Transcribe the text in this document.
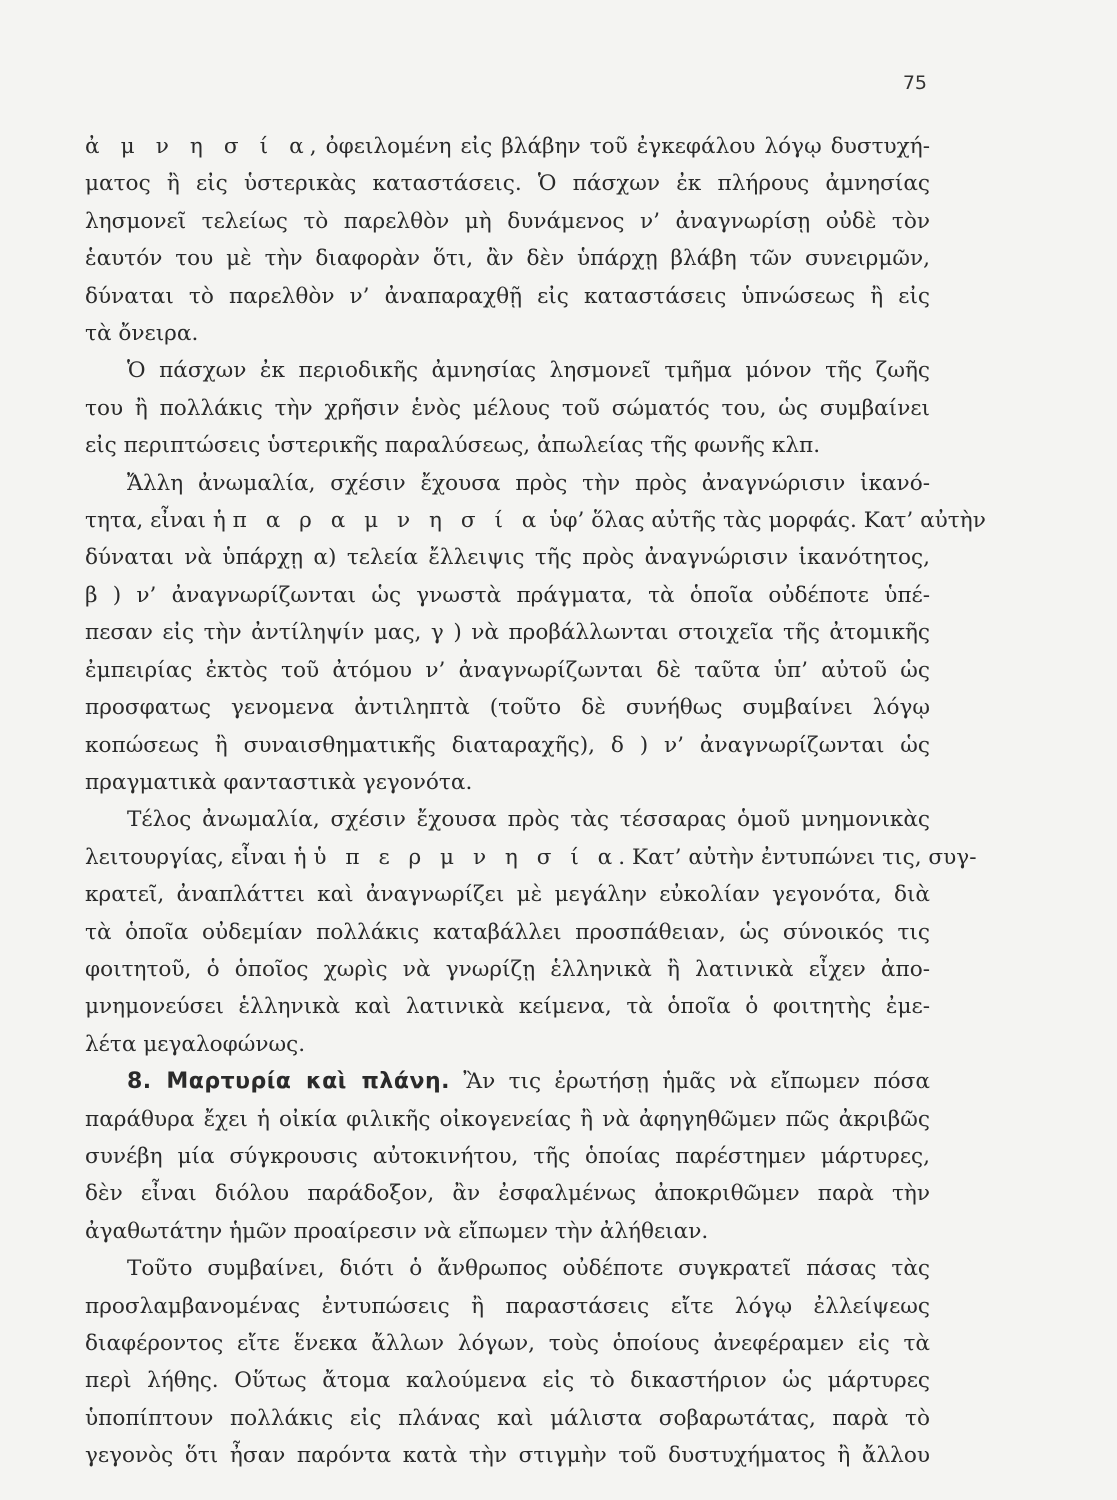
75
ἀ μ ν η σ ί α, ὀφειλομένη εἰς βλάβην τοῦ ἐγκεφάλου λόγῳ δυστυχή-
ματος ἢ εἰς ὑστερικὰς καταστάσεις. Ὁ πάσχων ἐκ πλήρους ἀμνησίας
λησμονεῖ τελείως τὸ παρελθὸν μὴ δυνάμενος ν’ ἀναγνωρίσῃ οὐδὲ τὸν
ἑαυτόν του μὲ τὴν διαφορὰν ὅτι, ἂν δὲν ὑπάρχῃ βλάβη τῶν συνειρμῶν,
δύναται τὸ παρελθὸν ν’ ἀναπαραχθῇ εἰς καταστάσεις ὑπνώσεως ἢ εἰς
τὰ ὄνειρα.
Ὁ πάσχων ἐκ περιοδικῆς ἀμνησίας λησμονεῖ τμῆμα μόνον τῆς ζωῆς
του ἢ πολλάκις τὴν χρῆσιν ἑνὸς μέλους τοῦ σώματός του, ὡς συμβαίνει
εἰς περιπτώσεις ὑστερικῆς παραλύσεως, ἀπωλείας τῆς φωνῆς κλπ.
Ἄλλη ἀνωμαλία, σχέσιν ἔχουσα πρὸς τὴν πρὸς ἀναγνώρισιν ἱκανό-
τητα, εἶναι ἡ π α ρ α μ ν η σ ί α ὑφ’ ὅλας αὐτῆς τὰς μορφάς. Κατ’ αὐτὴν
δύναται νὰ ὑπάρχῃ α) τελεία ἔλλειψις τῆς πρὸς ἀναγνώρισιν ἱκανότητος,
β ) ν’ ἀναγνωρίζωνται ὡς γνωστὰ πράγματα, τὰ ὁποῖα οὐδέποτε ὑπέ-
πεσαν εἰς τὴν ἀντίληψίν μας, γ ) νὰ προβάλλωνται στοιχεῖα τῆς ἀτομικῆς
ἐμπειρίας ἐκτὸς τοῦ ἀτόμου ν’ ἀναγνωρίζωνται δὲ ταῦτα ὑπ’ αὐτοῦ ὡς
προσφατως γενομενα ἀντιληπτὰ (τοῦτο δὲ συνήθως συμβαίνει λόγῳ
κοπώσεως ἢ συναισθηματικῆς διαταραχῆς), δ ) ν’ ἀναγνωρίζωνται ὡς
πραγματικὰ φανταστικὰ γεγονότα.
Τέλος ἀνωμαλία, σχέσιν ἔχουσα πρὸς τὰς τέσσαρας ὁμοῦ μνημονικὰς
λειτουργίας, εἶναι ἡ ὑ π ε ρ μ ν η σ ί α. Κατ’ αὐτὴν ἐντυπώνει τις, συγ-
κρατεῖ, ἀναπλάττει καὶ ἀναγνωρίζει μὲ μεγάλην εὐκολίαν γεγονότα, διὰ
τὰ ὁποῖα οὐδεμίαν πολλάκις καταβάλλει προσπάθειαν, ὡς σύνοικός τις
φοιτητοῦ, ὁ ὁποῖος χωρὶς νὰ γνωρίζῃ ἑλληνικὰ ἢ λατινικὰ εἶχεν ἀπο-
μνημονεύσει ἑλληνικὰ καὶ λατινικὰ κείμενα, τὰ ὁποῖα ὁ φοιτητὴς ἐμε-
λέτα μεγαλοφώνως.
8. Μαρτυρία καὶ πλάνη. Ἂν τις ἐρωτήσῃ ἡμᾶς νὰ εἴπωμεν πόσα
παράθυρα ἔχει ἡ οἰκία φιλικῆς οἰκογενείας ἢ νὰ ἀφηγηθῶμεν πῶς ἀκριβῶς
συνέβη μία σύγκρουσις αὐτοκινήτου, τῆς ὁποίας παρέστημεν μάρτυρες,
δὲν εἶναι διόλου παράδοξον, ἂν ἐσφαλμένως ἀποκριθῶμεν παρὰ τὴν
ἀγαθωτάτην ἡμῶν προαίρεσιν νὰ εἴπωμεν τὴν ἀλήθειαν.
Τοῦτο συμβαίνει, διότι ὁ ἄνθρωπος οὐδέποτε συγκρατεῖ πάσας τὰς
προσλαμβανομένας ἐντυπώσεις ἢ παραστάσεις εἴτε λόγῳ ἐλλείψεως
διαφέροντος εἴτε ἕνεκα ἄλλων λόγων, τοὺς ὁποίους ἀνεφέραμεν εἰς τὰ
περὶ λήθης. Οὕτως ἄτομα καλούμενα εἰς τὸ δικαστήριον ὡς μάρτυρες
ὑποπίπτουν πολλάκις εἰς πλάνας καὶ μάλιστα σοβαρωτάτας, παρὰ τὸ
γεγονὸς ὅτι ἦσαν παρόντα κατὰ τὴν στιγμὴν τοῦ δυστυχήματος ἢ ἄλλου
